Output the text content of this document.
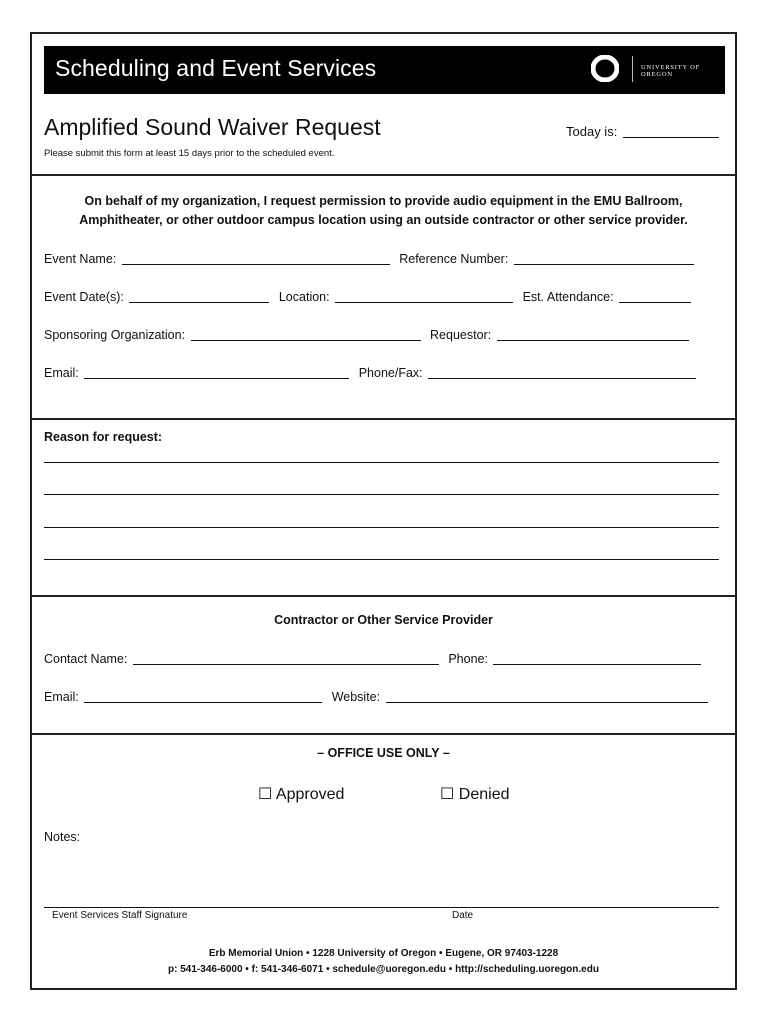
Scheduling and Event Services	UNIVERSITY OF OREGON
Amplified Sound Waiver Request
Please submit this form at least 15 days prior to the scheduled event.
Today is:
On behalf of my organization, I request permission to provide audio equipment in the EMU Ballroom,
Amphitheater, or other outdoor campus location using an outside contractor or other service provider.
Event Name:	Reference Number:
Event Date(s):	Location:	Est. Attendance:
Sponsoring Organization:	Requestor:
Email:	Phone/Fax:
Reason for request:
Contractor or Other Service Provider
Contact Name:	Phone:
Email:	Website:
– OFFICE USE ONLY –
☐ Approved	☐ Denied
Notes:
Event Services Staff Signature	Date
Erb Memorial Union • 1228 University of Oregon • Eugene, OR 97403-1228
p: 541-346-6000 • f: 541-346-6071 • schedule@uoregon.edu • http://scheduling.uoregon.edu
